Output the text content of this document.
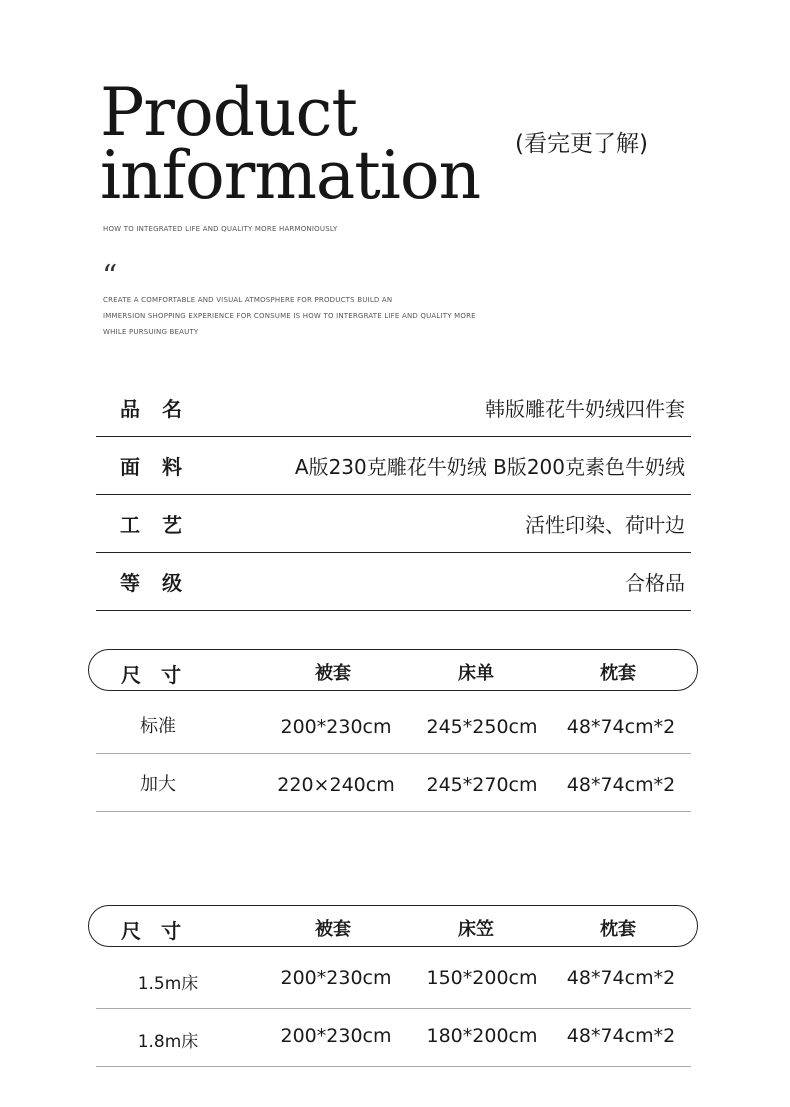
Product
information (看完更了解)
HOW TO INTEGRATED LIFE AND QUALITY MORE HARMONIOUSLY
“
CREATE A COMFORTABLE AND VISUAL ATMOSPHERE FOR PRODUCTS BUILD AN
IMMERSION SHOPPING EXPERIENCE FOR CONSUME IS HOW TO INTERGRATE LIFE AND QUALITY MORE
WHILE PURSUING BEAUTY
品名	韩版雕花牛奶绒四件套
面料	A版230克雕花牛奶绒 B版200克素色牛奶绒
工艺	活性印染、荷叶边
等级	合格品
尺寸	被套	床单	枕套
标准	200*230cm 245*250cm 48*74cm*2
加大	220×240cm 245*270cm 48*74cm*2
尺寸	被套	床笠	枕套
1.5m床	200*230cm 150*200cm 48*74cm*2
1.8m床	200*230cm 180*200cm 48*74cm*2
